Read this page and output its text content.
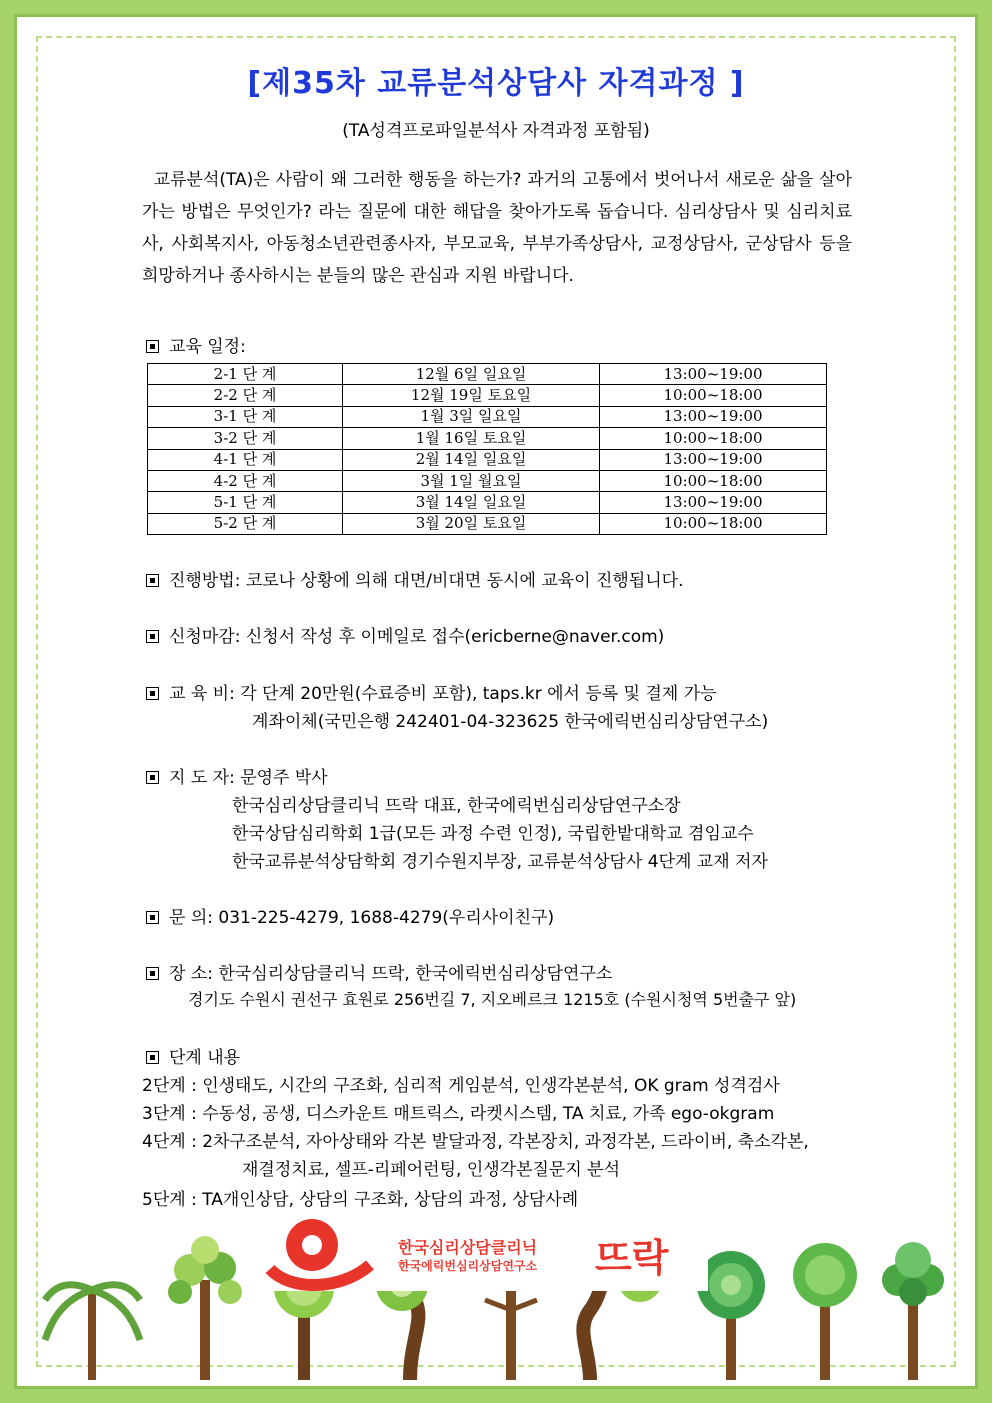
[제35차 교류분석상담사 자격과정 ]
(TA성격프로파일분석사 자격과정 포함됨)
교류분석(TA)은 사람이 왜 그러한 행동을 하는가? 과거의 고통에서 벗어나서 새로운 삶을 살아가는 방법은 무엇인가? 라는 질문에 대한 해답을 찾아가도록 돕습니다. 심리상담사 및 심리치료사, 사회복지사, 아동청소년관련종사자, 부모교육, 부부가족상담사, 교정상담사, 군상담사 등을 희망하거나 종사하시는 분들의 많은 관심과 지원 바랍니다.
교육 일정:
2-1 단 계	12월 6일 일요일	13:00~19:00
2-2 단 계	12월 19일 토요일	10:00~18:00
3-1 단 계	1월 3일 일요일	13:00~19:00
3-2 단 계	1월 16일 토요일	10:00~18:00
4-1 단 계	2월 14일 일요일	13:00~19:00
4-2 단 계	3월 1일 월요일	10:00~18:00
5-1 단 계	3월 14일 일요일	13:00~19:00
5-2 단 계	3월 20일 토요일	10:00~18:00
진행방법: 코로나 상황에 의해 대면/비대면 동시에 교육이 진행됩니다.
신청마감: 신청서 작성 후 이메일로 접수(ericberne@naver.com)
교 육 비: 각 단계 20만원(수료증비 포함), taps.kr 에서 등록 및 결제 가능
계좌이체(국민은행 242401-04-323625 한국에릭번심리상담연구소)
지 도 자: 문영주 박사
한국심리상담클리닉 뜨락 대표, 한국에릭번심리상담연구소장
한국상담심리학회 1급(모든 과정 수련 인정), 국립한밭대학교 겸임교수
한국교류분석상담학회 경기수원지부장, 교류분석상담사 4단계 교재 저자
문 의: 031-225-4279, 1688-4279(우리사이친구)
장 소: 한국심리상담클리닉 뜨락, 한국에릭번심리상담연구소
경기도 수원시 권선구 효원로 256번길 7, 지오베르크 1215호 (수원시청역 5번출구 앞)
단계 내용
2단계 : 인생태도, 시간의 구조화, 심리적 게임분석, 인생각본분석, OK gram 성격검사
3단계 : 수동성, 공생, 디스카운트 매트릭스, 라켓시스템, TA 치료, 가족 ego-okgram
4단계 : 2차구조분석, 자아상태와 각본 발달과정, 각본장치, 과정각본, 드라이버, 축소각본,
재결정치료, 셀프-리페어런팅, 인생각본질문지 분석
5단계 : TA개인상담, 상담의 구조화, 상담의 과정, 상담사례
한국심리상담클리닉
한국에릭번심리상담연구소 뜨락
